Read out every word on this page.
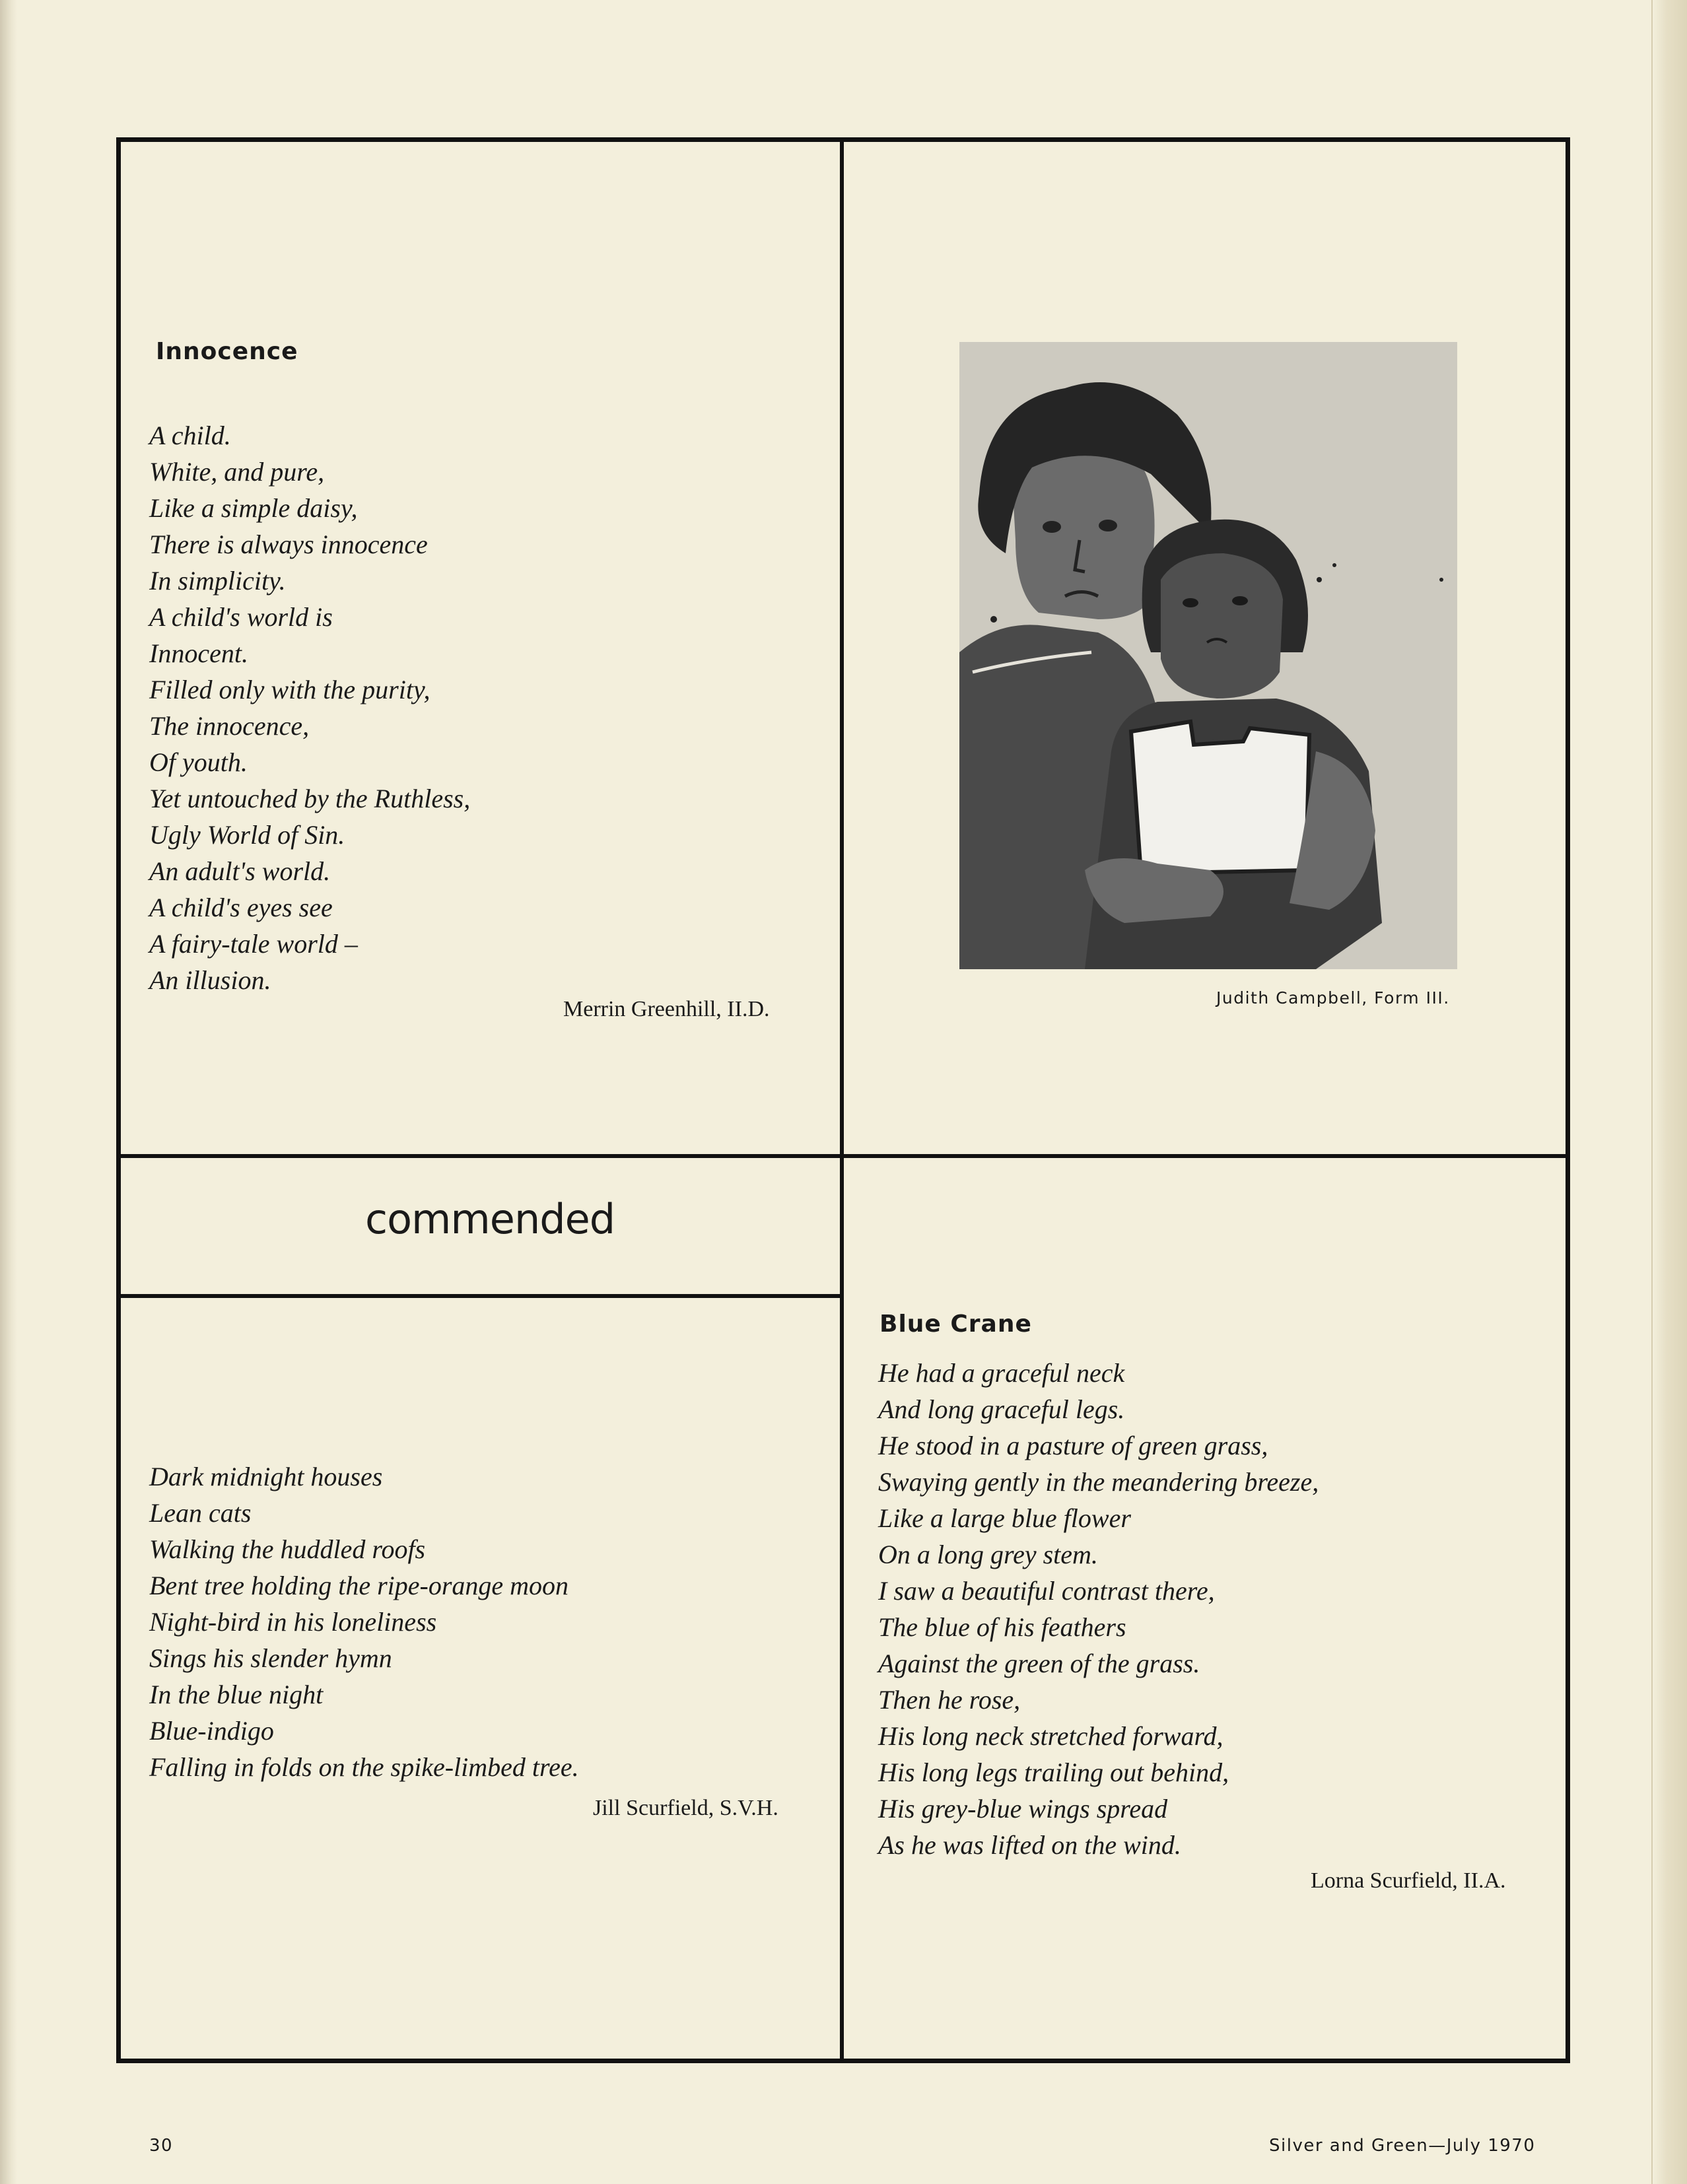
Innocence
A child.
White, and pure,
Like a simple daisy,
There is always innocence
In simplicity.
A child's world is
Innocent.
Filled only with the purity,
The innocence,
Of youth.
Yet untouched by the Ruthless,
Ugly World of Sin.
An adult's world.
A child's eyes see
A fairy-tale world –
An illusion.
Merrin Greenhill, II.D.	Judith Campbell, Form III.
commended
Dark midnight houses
Lean cats
Walking the huddled roofs
Bent tree holding the ripe-orange moon
Night-bird in his loneliness
Sings his slender hymn
In the blue night
Blue-indigo
Falling in folds on the spike-limbed tree.
Jill Scurfield, S.V.H.
Blue Crane
He had a graceful neck
And long graceful legs.
He stood in a pasture of green grass,
Swaying gently in the meandering breeze,
Like a large blue flower
On a long grey stem.
I saw a beautiful contrast there,
The blue of his feathers
Against the green of the grass.
Then he rose,
His long neck stretched forward,
His long legs trailing out behind,
His grey-blue wings spread
As he was lifted on the wind.
Lorna Scurfield, II.A.
30	Silver and Green—July 1970
